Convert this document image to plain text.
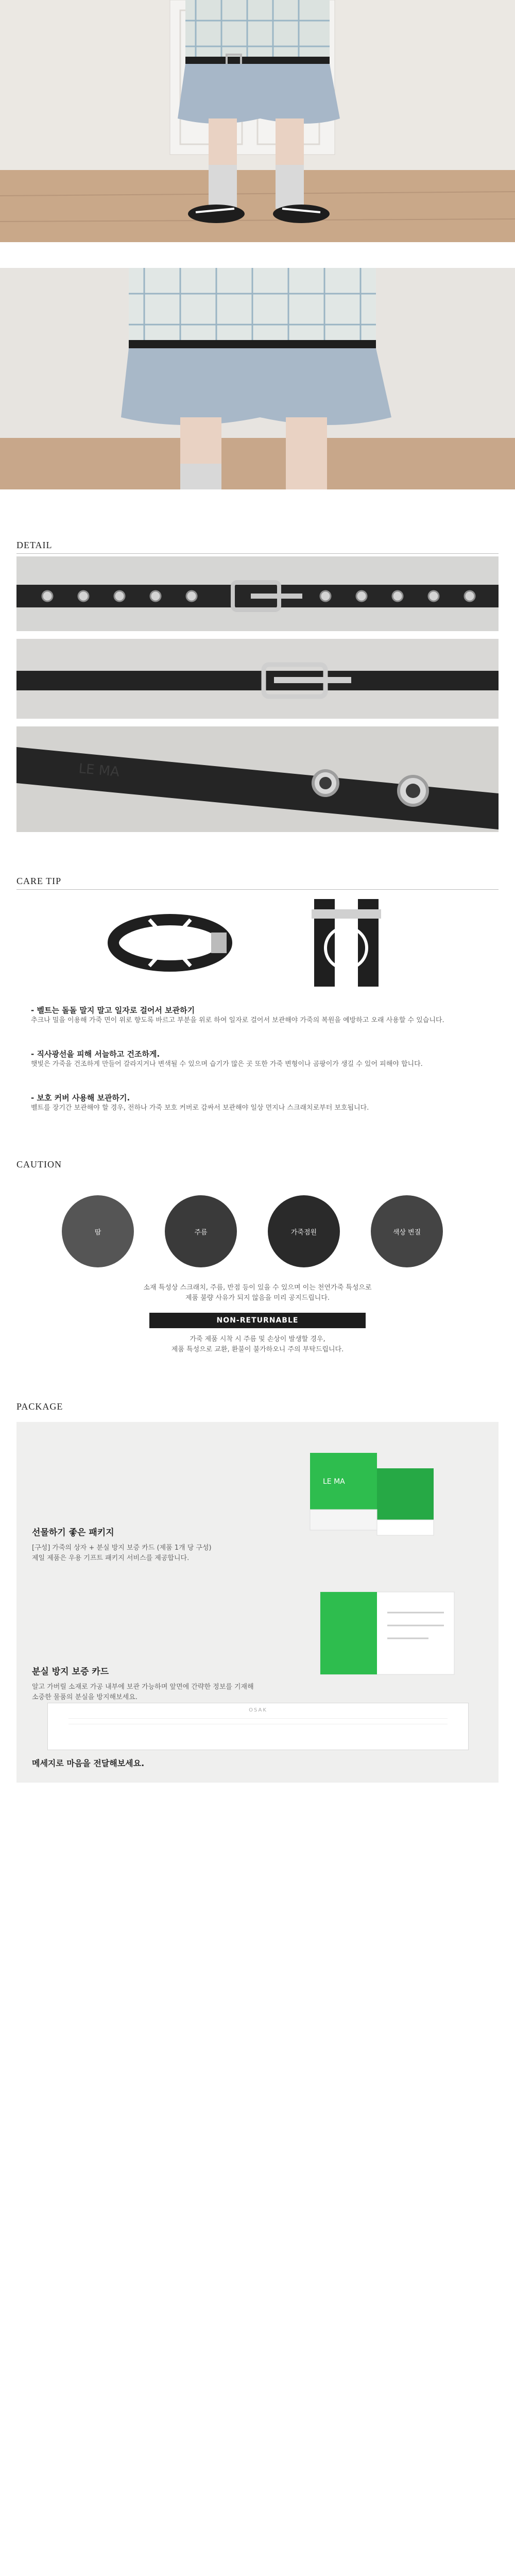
DETAIL
LE MA
CARE TIP
- 벨트는 돌돌 말지 말고 일자로 걸어서 보관하기
추크나 밀을 이용해 가죽 면이 위로 향도록 바르고 부분을 위로 하여 일자로 걸어서 보관해야 가죽의 복원을 예방하고 오래 사용할 수 있습니다.
- 직사광선을 피해 서늘하고 건조하게.
햇빛은 가죽을 건조하게 만들어 갈라지거나 변색될 수 있으며 습기가 많은 곳 또한 가죽 변형이나 곰팡이가 생길 수 있어 피해야 합니다.
- 보호 커버 사용해 보관하기.
벨트를 장기간 보관해야 할 경우, 전하나 가죽 보호 커버로 감싸서 보관해야 일상 먼지나 스크래치로부터 보호됩니다.
CAUTION
땀	주름	가죽점원	색상 변질
소재 특성상 스크래치, 주름, 반점 등이 있을 수 있으며 이는 천연가죽 특성으로
제품 불량 사유가 되지 않음을 미리 공지드립니다.
NON-RETURNABLE
가죽 제품 시착 시 주름 및 손상이 발생할 경우,
제품 특성으로 교환, 환불이 불가하오니 주의 부탁드립니다.
PACKAGE
LE MA
선물하기 좋은 패키지
[구성] 가죽의 상자 + 분실 방지 보증 카드 (제품 1개 당 구성)
제일 제품은 우용 기프트 패키지 서비스를 제공합니다.
분실 방지 보증 카드
알고 가버릴 소재로 가공 내부에 보관 가능하며 앞면에 간략한 정보를 기재해
소중한 물품의 분실을 방지해보세요.
OSAK
메세지로 마음을 전달해보세요.
